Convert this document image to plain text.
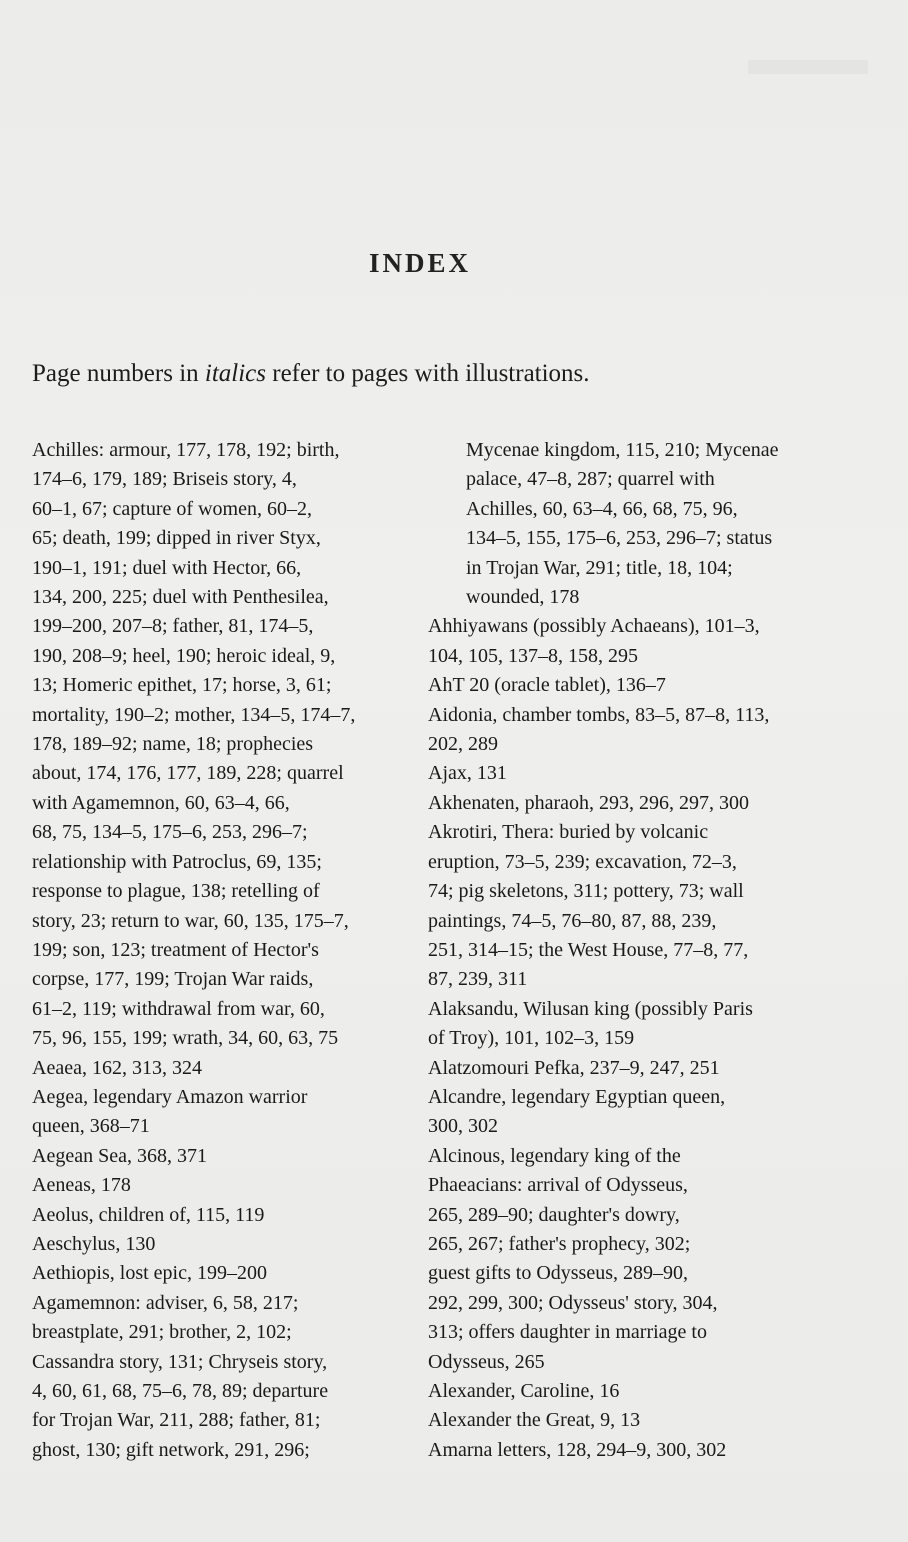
INDEX
Page numbers in italics refer to pages with illustrations.
Achilles: armour, 177, 178, 192; birth,
174–6, 179, 189; Briseis story, 4,
60–1, 67; capture of women, 60–2,
65; death, 199; dipped in river Styx,
190–1, 191; duel with Hector, 66,
134, 200, 225; duel with Penthesilea,
199–200, 207–8; father, 81, 174–5,
190, 208–9; heel, 190; heroic ideal, 9,
13; Homeric epithet, 17; horse, 3, 61;
mortality, 190–2; mother, 134–5, 174–7,
178, 189–92; name, 18; prophecies
about, 174, 176, 177, 189, 228; quarrel
with Agamemnon, 60, 63–4, 66,
68, 75, 134–5, 175–6, 253, 296–7;
relationship with Patroclus, 69, 135;
response to plague, 138; retelling of
story, 23; return to war, 60, 135, 175–7,
199; son, 123; treatment of Hector's
corpse, 177, 199; Trojan War raids,
61–2, 119; withdrawal from war, 60,
75, 96, 155, 199; wrath, 34, 60, 63, 75
Aeaea, 162, 313, 324
Aegea, legendary Amazon warrior
queen, 368–71
Aegean Sea, 368, 371
Aeneas, 178
Aeolus, children of, 115, 119
Aeschylus, 130
Aethiopis, lost epic, 199–200
Agamemnon: adviser, 6, 58, 217;
breastplate, 291; brother, 2, 102;
Cassandra story, 131; Chryseis story,
4, 60, 61, 68, 75–6, 78, 89; departure
for Trojan War, 211, 288; father, 81;
ghost, 130; gift network, 291, 296;
Mycenae kingdom, 115, 210; Mycenae
palace, 47–8, 287; quarrel with
Achilles, 60, 63–4, 66, 68, 75, 96,
134–5, 155, 175–6, 253, 296–7; status
in Trojan War, 291; title, 18, 104;
wounded, 178
Ahhiyawans (possibly Achaeans), 101–3,
104, 105, 137–8, 158, 295
AhT 20 (oracle tablet), 136–7
Aidonia, chamber tombs, 83–5, 87–8, 113,
202, 289
Ajax, 131
Akhenaten, pharaoh, 293, 296, 297, 300
Akrotiri, Thera: buried by volcanic
eruption, 73–5, 239; excavation, 72–3,
74; pig skeletons, 311; pottery, 73; wall
paintings, 74–5, 76–80, 87, 88, 239,
251, 314–15; the West House, 77–8, 77,
87, 239, 311
Alaksandu, Wilusan king (possibly Paris
of Troy), 101, 102–3, 159
Alatzomouri Pefka, 237–9, 247, 251
Alcandre, legendary Egyptian queen,
300, 302
Alcinous, legendary king of the
Phaeacians: arrival of Odysseus,
265, 289–90; daughter's dowry,
265, 267; father's prophecy, 302;
guest gifts to Odysseus, 289–90,
292, 299, 300; Odysseus' story, 304,
313; offers daughter in marriage to
Odysseus, 265
Alexander, Caroline, 16
Alexander the Great, 9, 13
Amarna letters, 128, 294–9, 300, 302
